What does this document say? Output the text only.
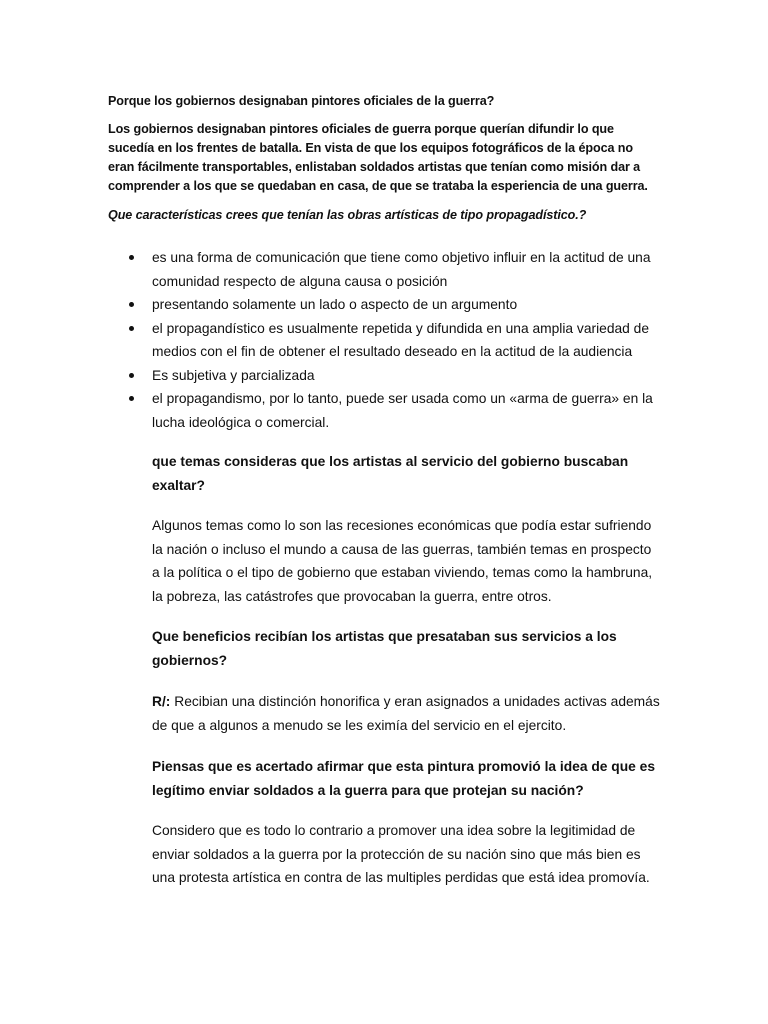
Porque los gobiernos designaban pintores oficiales de la guerra?

Los gobiernos designaban pintores oficiales de guerra porque querían difundir lo que sucedía en los frentes de batalla. En vista de que los equipos fotográficos de la época no eran fácilmente transportables, enlistaban soldados artistas que tenían como misión dar a comprender a los que se quedaban en casa, de que se trataba la esperiencia de una guerra.

Que características crees que tenían las obras artísticas de tipo propagadístico.?

es una forma de comunicación que tiene como objetivo influir en la actitud de una comunidad respecto de alguna causa o posición
presentando solamente un lado o aspecto de un argumento
el propagandístico es usualmente repetida y difundida en una amplia variedad de medios con el fin de obtener el resultado deseado en la actitud de la audiencia
Es subjetiva y parcializada
el propagandismo, por lo tanto, puede ser usada como un «arma de guerra» en la lucha ideológica o comercial.

que temas consideras que los artistas al servicio del gobierno buscaban exaltar?

Algunos temas como lo son las recesiones económicas que podía estar sufriendo la nación o incluso el mundo a causa de las guerras, también temas en prospecto a la política o el tipo de gobierno que estaban viviendo, temas como la hambruna, la pobreza, las catástrofes que provocaban la guerra, entre otros.

Que beneficios recibían los artistas que presataban sus servicios a los gobiernos?

R/: Recibian una distinción honorifica y eran asignados a unidades activas además de que a algunos a menudo se les eximía del servicio en el ejercito.

Piensas que es acertado afirmar que esta pintura promovió la idea de que es legítimo enviar soldados a la guerra para que protejan su nación?

Considero que es todo lo contrario a promover una idea sobre la legitimidad de enviar soldados a la guerra por la protección de su nación sino que más bien es una protesta artística en contra de las multiples perdidas que está idea promovía.
